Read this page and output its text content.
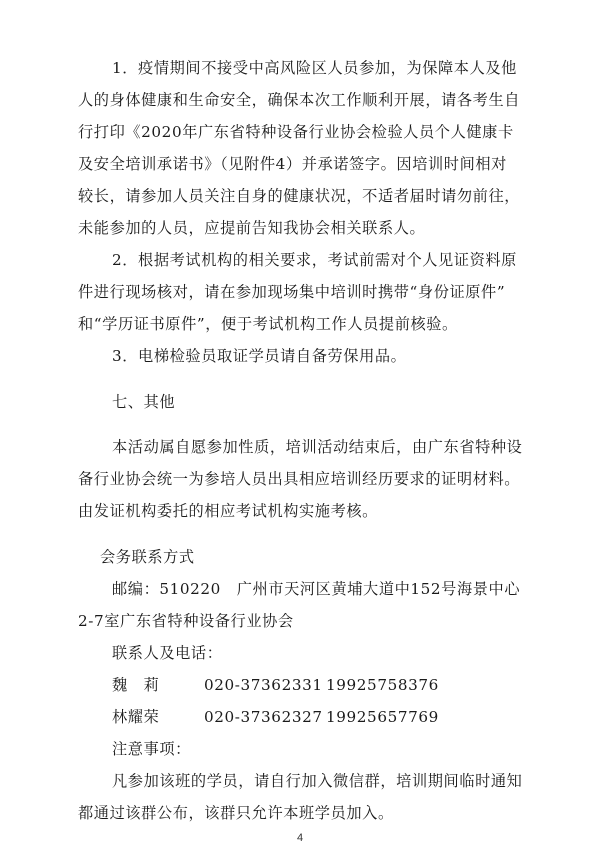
1．疫情期间不接受中高风险区人员参加，为保障本人及他
人的身体健康和生命安全，确保本次工作顺利开展，请各考生自
行打印《2020年广东省特种设备行业协会检验人员个人健康卡
及安全培训承诺书》（见附件4）并承诺签字。因培训时间相对
较长，请参加人员关注自身的健康状况，不适者届时请勿前往，
未能参加的人员，应提前告知我协会相关联系人。
2．根据考试机构的相关要求，考试前需对个人见证资料原
件进行现场核对，请在参加现场集中培训时携带“身份证原件”
和“学历证书原件”，便于考试机构工作人员提前核验。
3．电梯检验员取证学员请自备劳保用品。
七、其他
本活动属自愿参加性质，培训活动结束后，由广东省特种设
备行业协会统一为参培人员出具相应培训经历要求的证明材料。
由发证机构委托的相应考试机构实施考核。
会务联系方式
邮编：510220　广州市天河区黄埔大道中152号海景中心
2-7室广东省特种设备行业协会
联系人及电话：
魏　莉	020-37362331 19925758376
林耀荣	020-37362327 19925657769
注意事项：
凡参加该班的学员，请自行加入微信群，培训期间临时通知
都通过该群公布，该群只允许本班学员加入。
4
